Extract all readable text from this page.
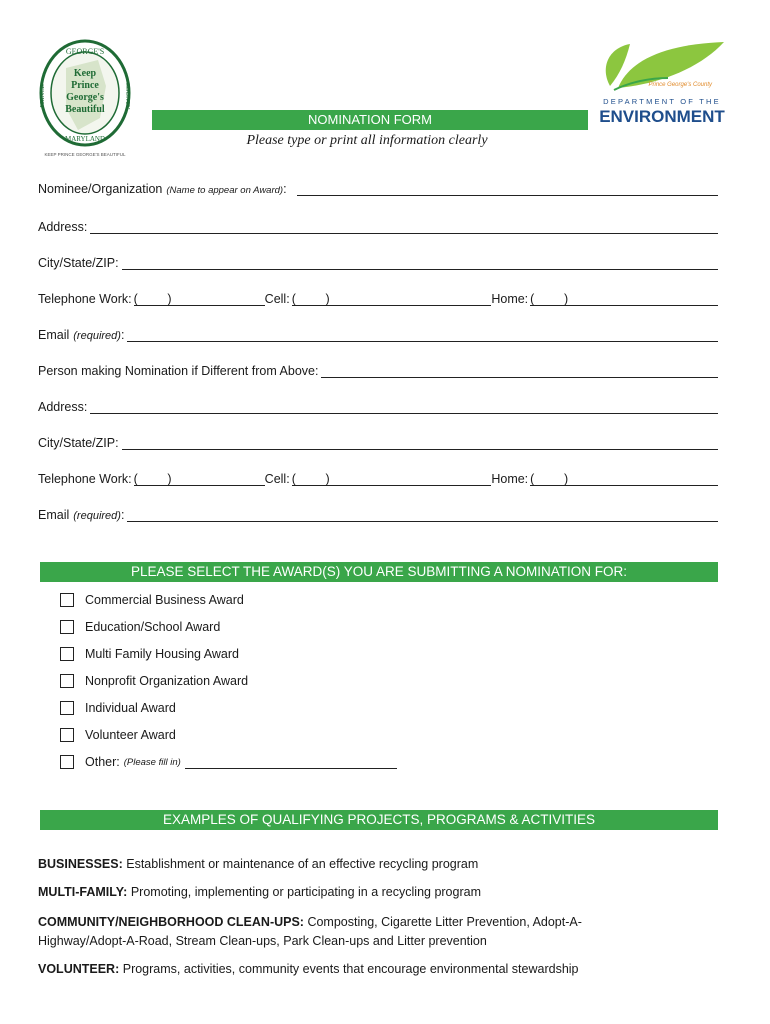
GEORGE'S
PRINCE	COUNTY
MARYLAND
Keep
Prince
George's
Beautiful
KEEP PRINCE GEORGE'S BEAUTIFUL
Prince George's County
DEPARTMENT OF THE
ENVIRONMENT
NOMINATION FORM
Please type or print all information clearly
Nominee/Organization (Name to appear on Award) :
Address:
City/State/ZIP:
Telephone Work: ( )	Cell: ( )	Home: ( )
Email (required) :
Person making Nomination if Different from Above:
Address:
City/State/ZIP:
Telephone Work: ( )	Cell: ( )	Home: ( )
Email (required) :
PLEASE SELECT THE AWARD(S) YOU ARE SUBMITTING A NOMINATION FOR:
Commercial Business Award
Education/School Award
Multi Family Housing Award
Nonprofit Organization Award
Individual Award
Volunteer Award
Other: (Please fill in)
EXAMPLES OF QUALIFYING PROJECTS, PROGRAMS & ACTIVITIES
BUSINESSES: Establishment or maintenance of an effective recycling program
MULTI-FAMILY: Promoting, implementing or participating in a recycling program
COMMUNITY/NEIGHBORHOOD CLEAN-UPS: Composting, Cigarette Litter Prevention, Adopt-A-Highway/Adopt-A-Road, Stream Clean-ups, Park Clean-ups and Litter prevention
VOLUNTEER: Programs, activities, community events that encourage environmental stewardship
